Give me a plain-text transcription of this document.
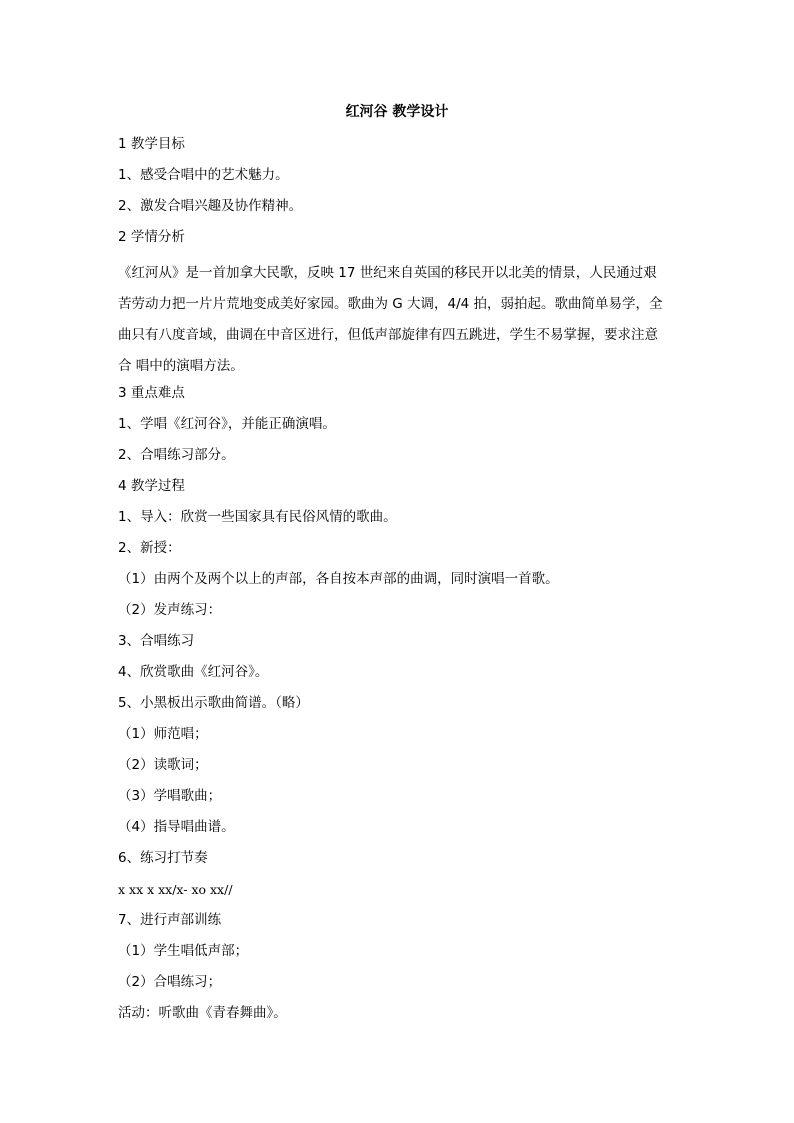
红河谷 教学设计
1 教学目标
1、感受合唱中的艺术魅力。
2、激发合唱兴趣及协作精神。
2 学情分析
《红河从》是一首加拿大民歌，反映 17 世纪来自英国的移民开以北美的情景，人民通过艰
苦劳动力把一片片荒地变成美好家园。歌曲为 G 大调，4/4 拍，弱拍起。歌曲简单易学，全
曲只有八度音域，曲调在中音区进行，但低声部旋律有四五跳进，学生不易掌握，要求注意
合 唱中的演唱方法。
3 重点难点
1、学唱《红河谷》，并能正确演唱。
2、合唱练习部分。
4 教学过程
1、导入：欣赏一些国家具有民俗风情的歌曲。
2、新授：
（1）由两个及两个以上的声部，各自按本声部的曲调，同时演唱一首歌。
（2）发声练习：
3、合唱练习
4、欣赏歌曲《红河谷》。
5、小黑板出示歌曲简谱。（略）
（1）师范唱；
（2）读歌词；
（3）学唱歌曲；
（4）指导唱曲谱。
6、练习打节奏
x xx x xx/x- xo xx//
7、进行声部训练
（1）学生唱低声部；
（2）合唱练习；
活动：听歌曲《青春舞曲》。
